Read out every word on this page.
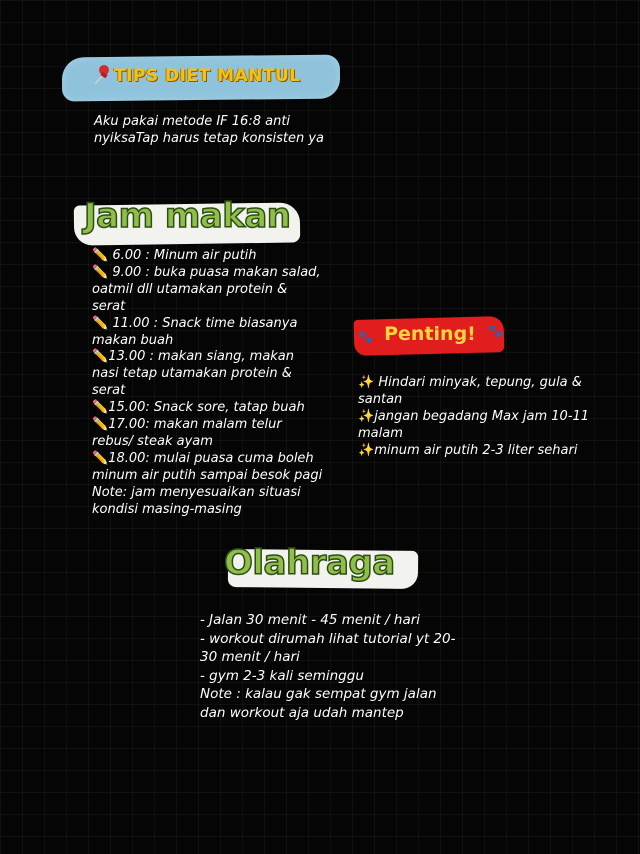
TIPS DIET MANTUL
Aku pakai metode IF 16:8 anti nyiksaTap harus tetap konsisten ya
Jam makan

✏️ 6.00 : Minum air putih

✏️ 9.00 : buka puasa makan salad, oatmil dll utamakan protein & serat

✏️ 11.00 : Snack time biasanya makan buah

✏️13.00 : makan siang, makan nasi tetap utamakan protein & serat

✏️15.00: Snack sore, tatap buah

✏️17.00: makan malam telur rebus/ steak ayam

✏️18.00: mulai puasa cuma boleh minum air putih sampai besok pagi

Note: jam menyesuaikan situasi kondisi masing-masing

🐾 Penting!	🐾

✨ Hindari minyak, tepung, gula & santan

✨jangan begadang Max jam 10-11 malam

✨minum air putih 2-3 liter sehari

Olahraga

- Jalan 30 menit - 45 menit / hari

- workout dirumah lihat tutorial yt 20-30 menit / hari

- gym 2-3 kali seminggu

Note : kalau gak sempat gym jalan dan workout aja udah mantep
